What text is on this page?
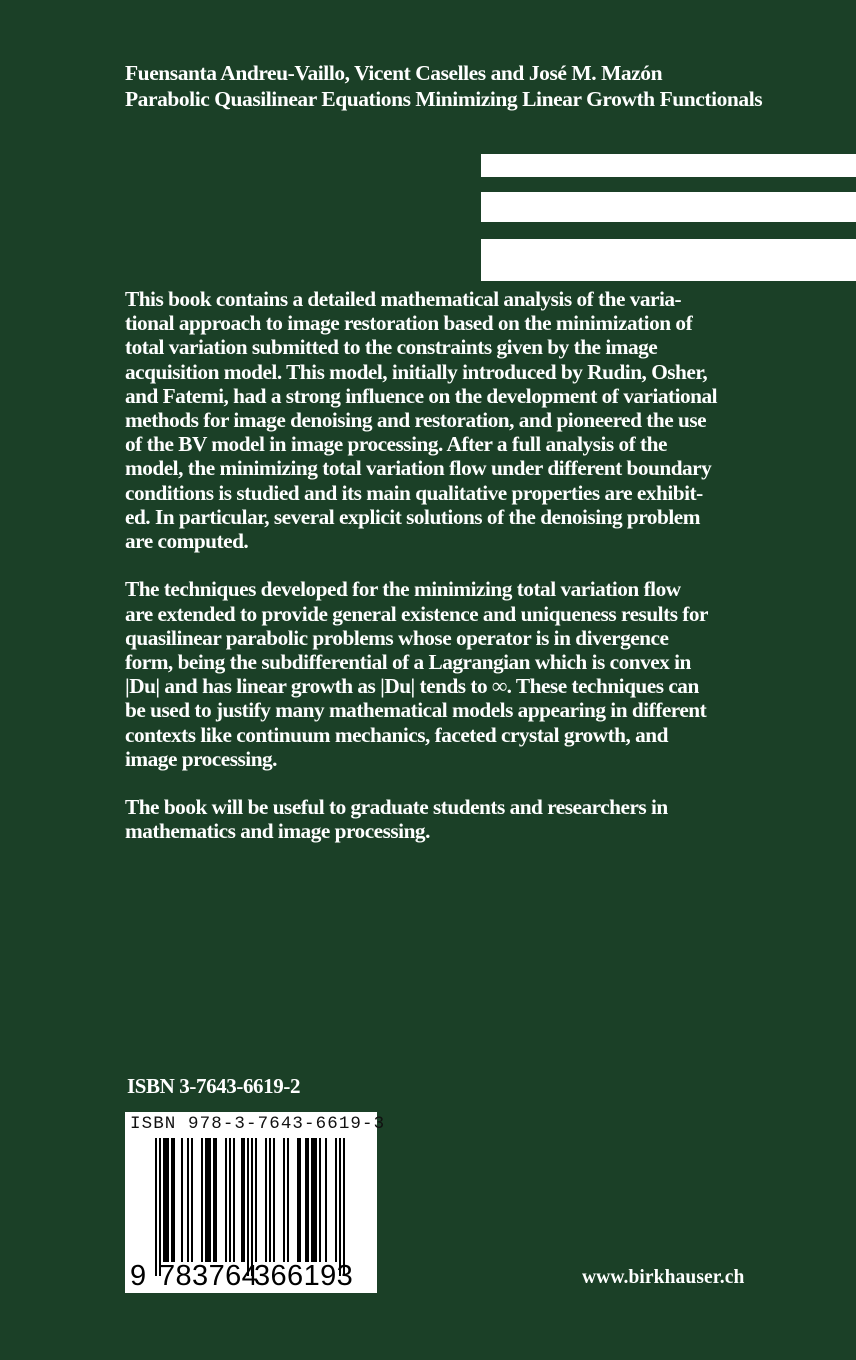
Fuensanta Andreu-Vaillo, Vicent Caselles and José M. Mazón
Parabolic Quasilinear Equations Minimizing Linear Growth Functionals

This book contains a detailed mathematical analysis of the varia-
tional approach to image restoration based on the minimization of
total variation submitted to the constraints given by the image
acquisition model. This model, initially introduced by Rudin, Osher,
and Fatemi, had a strong influence on the development of variational
methods for image denoising and restoration, and pioneered the use
of the BV model in image processing. After a full analysis of the
model, the minimizing total variation flow under different boundary
conditions is studied and its main qualitative properties are exhibit-
ed. In particular, several explicit solutions of the denoising problem
are computed.

The techniques developed for the minimizing total variation flow
are extended to provide general existence and uniqueness results for
quasilinear parabolic problems whose operator is in divergence
form, being the subdifferential of a Lagrangian which is convex in
|Du| and has linear growth as |Du| tends to ∞. These techniques can
be used to justify many mathematical models appearing in different
contexts like continuum mechanics, faceted crystal growth, and
image processing.

The book will be useful to graduate students and researchers in
mathematics and image processing.

ISBN 3-7643-6619-2
ISBN 978-3-7643-6619-3
9 783764
366193	www.birkhauser.ch
